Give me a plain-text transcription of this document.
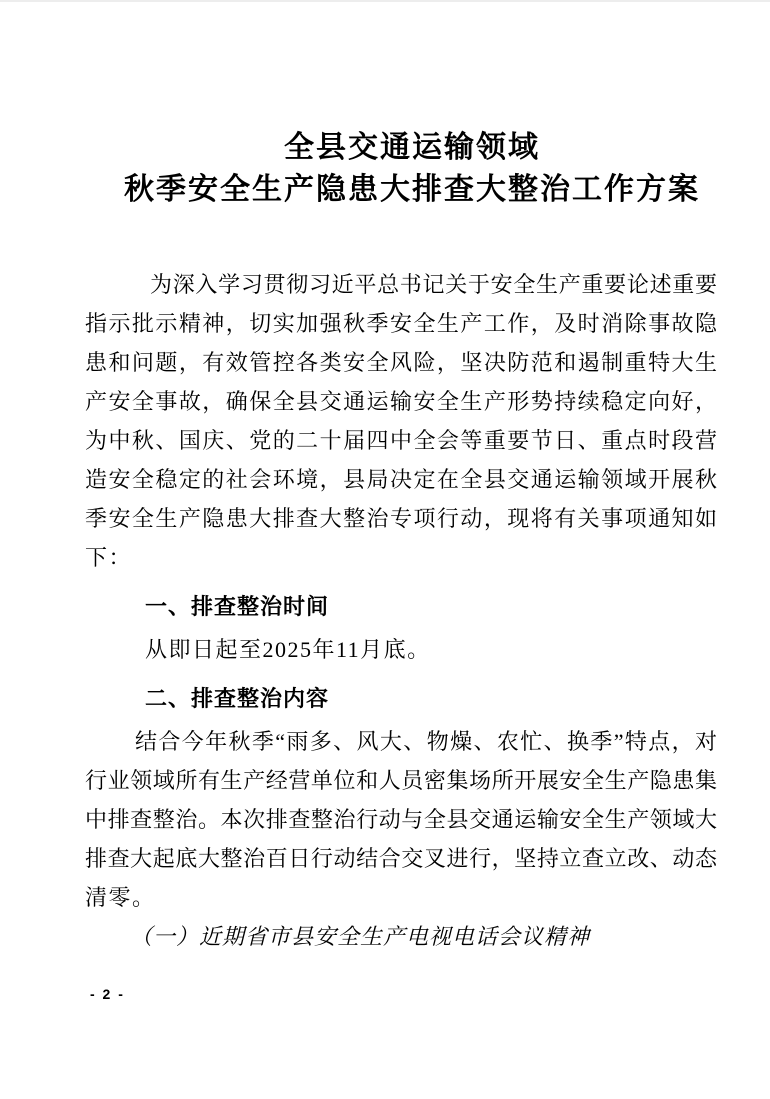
全县交通运输领域
秋季安全生产隐患大排查大整治工作方案
为深入学习贯彻习近平总书记关于安全生产重要论述重要
指示批示精神，切实加强秋季安全生产工作，及时消除事故隐
患和问题，有效管控各类安全风险，坚决防范和遏制重特大生
产安全事故，确保全县交通运输安全生产形势持续稳定向好，
为中秋、国庆、党的二十届四中全会等重要节日、重点时段营
造安全稳定的社会环境，县局决定在全县交通运输领域开展秋
季安全生产隐患大排查大整治专项行动，现将有关事项通知如
下：
一、排查整治时间
从即日起至2025年11月底。
二、排查整治内容
结合今年秋季“雨多、风大、物燥、农忙、换季”特点，对
行业领域所有生产经营单位和人员密集场所开展安全生产隐患集
中排查整治。本次排查整治行动与全县交通运输安全生产领域大
排查大起底大整治百日行动结合交叉进行，坚持立查立改、动态
清零。
（一）近期省市县安全生产电视电话会议精神
- 2 -
